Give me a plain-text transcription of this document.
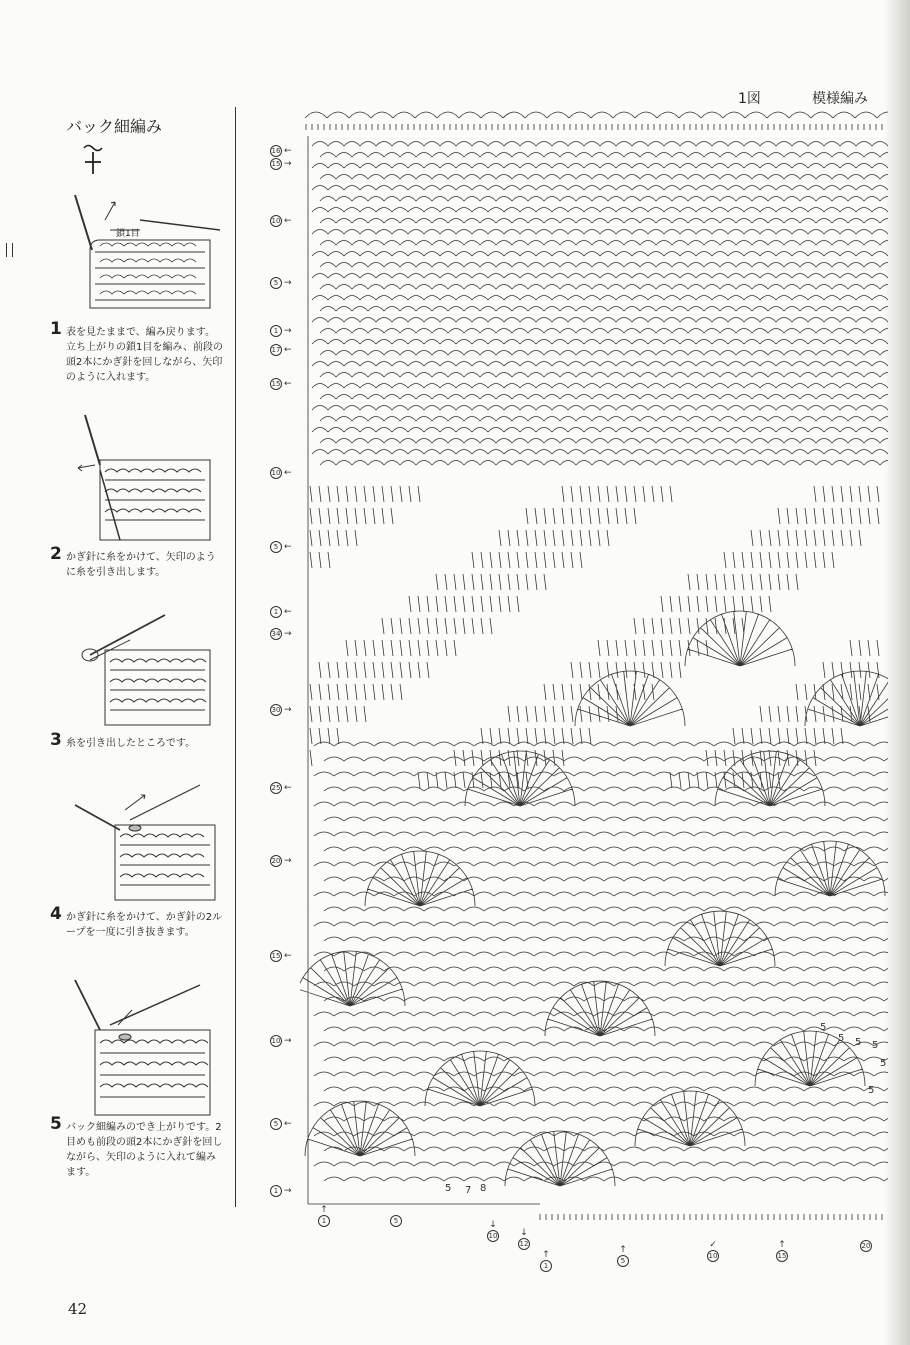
バック細編み
鎖1目
1 表を見たままで、編み戻ります。立ち上がりの鎖1目を編み、前段の頭2本にかぎ針を回しながら、矢印のように入れます。
2 かぎ針に糸をかけて、矢印のように糸を引き出します。
3 糸を引き出したところです。
4 かぎ針に糸をかけて、かぎ針の2ループを一度に引き抜きます。
5 バック細編みのでき上がりです。2目めも前段の頭2本にかぎ針を回しながら、矢印のように入れて編みます。
1図	模様編み
16 ←
15 →
10 ←
5 →
1 →
17 ←
15 ←
10 ←
5 ←
1 ←
34 →
30 →
25 ←
20 →
15 ←
10 →
5 ←
1 →
↑
1	5	↓
10	↓
12
↑
1
↑
5
✓
10
↑
15
20
5 7 8
5
5 5 5
5
5
42
